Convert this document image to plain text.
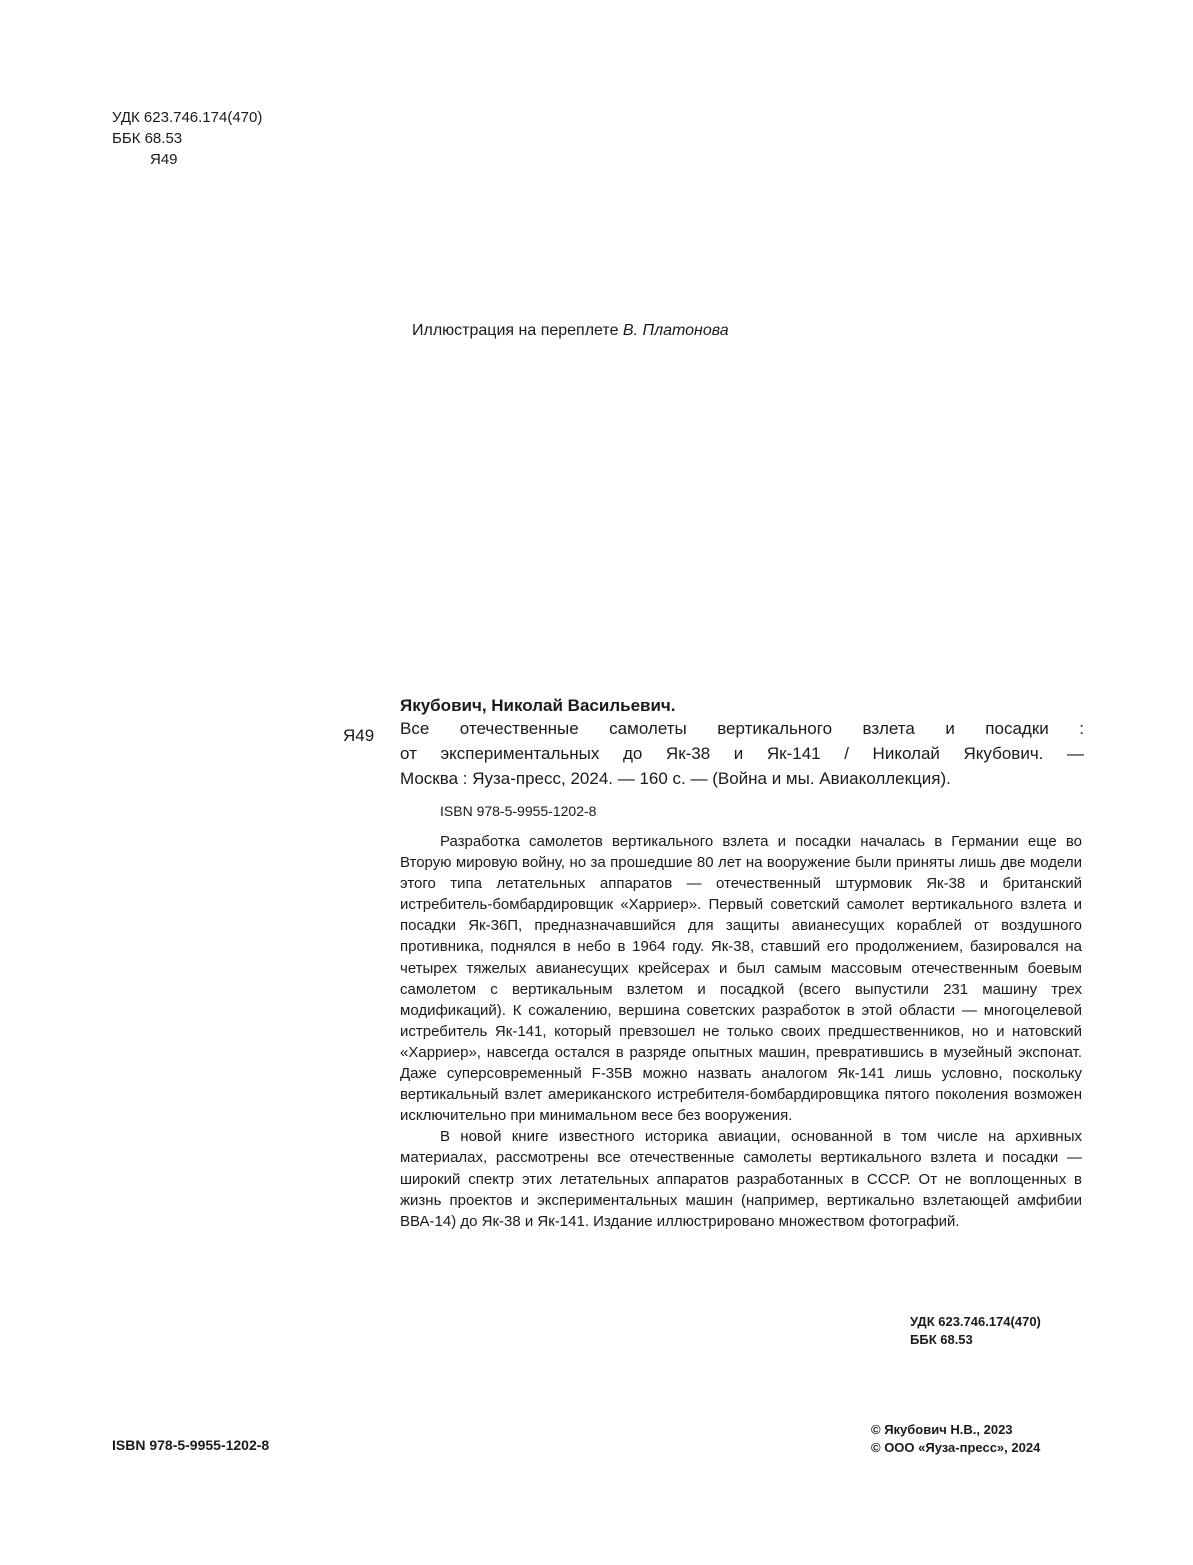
УДК 623.746.174(470)
ББК 68.53
Я49
Иллюстрация на переплете В. Платонова
Якубович, Николай Васильевич.
Я49 Все отечественные самолеты вертикального взлета и посадки :
от экспериментальных до Як-38 и Як-141 / Николай Якубович. —
Москва : Яуза-пресс, 2024. — 160 с. — (Война и мы. Авиаколлекция).
ISBN 978-5-9955-1202-8

Разработка самолетов вертикального взлета и посадки началась в Германии еще во Вторую мировую войну, но за прошедшие 80 лет на вооружение были приняты лишь две модели этого типа летательных аппаратов — отечественный штурмовик Як-38 и британский истребитель-бомбардировщик «Харриер». Первый советский самолет вертикального взлета и посадки Як-36П, предназначавшийся для защиты авианесущих кораблей от воздушного противника, поднялся в небо в 1964 году. Як-38, ставший его продолжением, базировался на четырех тяжелых авианесущих крейсерах и был самым массовым отечественным боевым самолетом с вертикальным взлетом и посадкой (всего выпустили 231 машину трех модификаций). К сожалению, вершина советских разработок в этой области — многоцелевой истребитель Як-141, который превзошел не только своих предшественников, но и натовский «Харриер», навсегда остался в разряде опытных машин, превратившись в музейный экспонат. Даже суперсовременный F-35B можно назвать аналогом Як-141 лишь условно, поскольку вертикальный взлет американского истребителя-бомбардировщика пятого поколения возможен исключительно при минимальном весе без вооружения.

В новой книге известного историка авиации, основанной в том числе на архивных материалах, рассмотрены все отечественные самолеты вертикального взлета и посадки — широкий спектр этих летательных аппаратов разработанных в СССР. От не воплощенных в жизнь проектов и экспериментальных машин (например, вертикально взлетающей амфибии ВВА-14) до Як-38 и Як-141. Издание иллюстрировано множеством фотографий.

УДК 623.746.174(470)
ББК 68.53
ISBN 978-5-9955-1202-8
© Якубович Н.В., 2023
© ООО «Яуза-пресс», 2024
